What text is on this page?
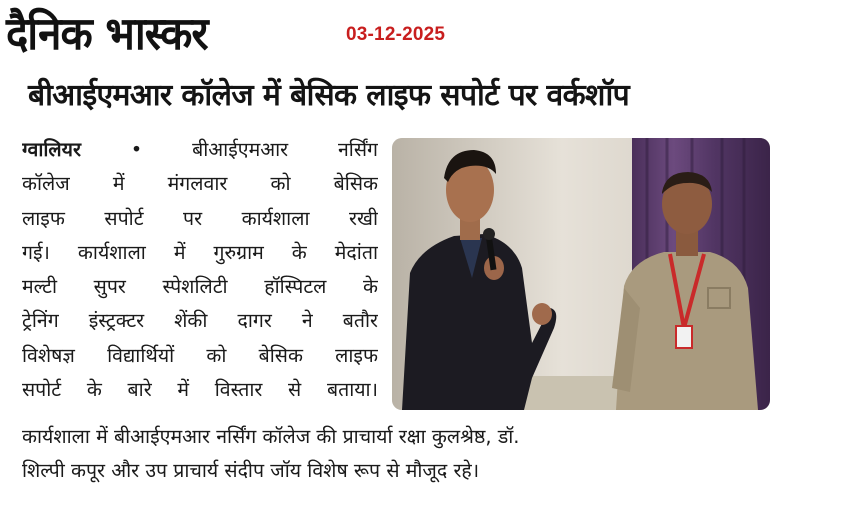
दैनिक भास्कर	03-12-2025
बीआईएमआर कॉलेज में बेसिक लाइफ सपोर्ट पर वर्कशॉप
ग्वालियर	• बीआईएमआर नर्सिंग
कॉलेज में मंगलवार को बेसिक
लाइफ सपोर्ट पर कार्यशाला रखी
गई। कार्यशाला में गुरुग्राम के मेदांता
मल्टी सुपर स्पेशलिटी हॉस्पिटल के
ट्रेनिंग इंस्ट्रक्टर शेंकी दागर ने बतौर
विशेषज्ञ विद्यार्थियों को बेसिक लाइफ
सपोर्ट के बारे में विस्तार से बताया।
कार्यशाला में बीआईएमआर नर्सिंग कॉलेज की प्राचार्या रक्षा कुलश्रेष्ठ, डॉ.
शिल्पी कपूर और उप प्राचार्य संदीप जॉय विशेष रूप से मौजूद रहे।
